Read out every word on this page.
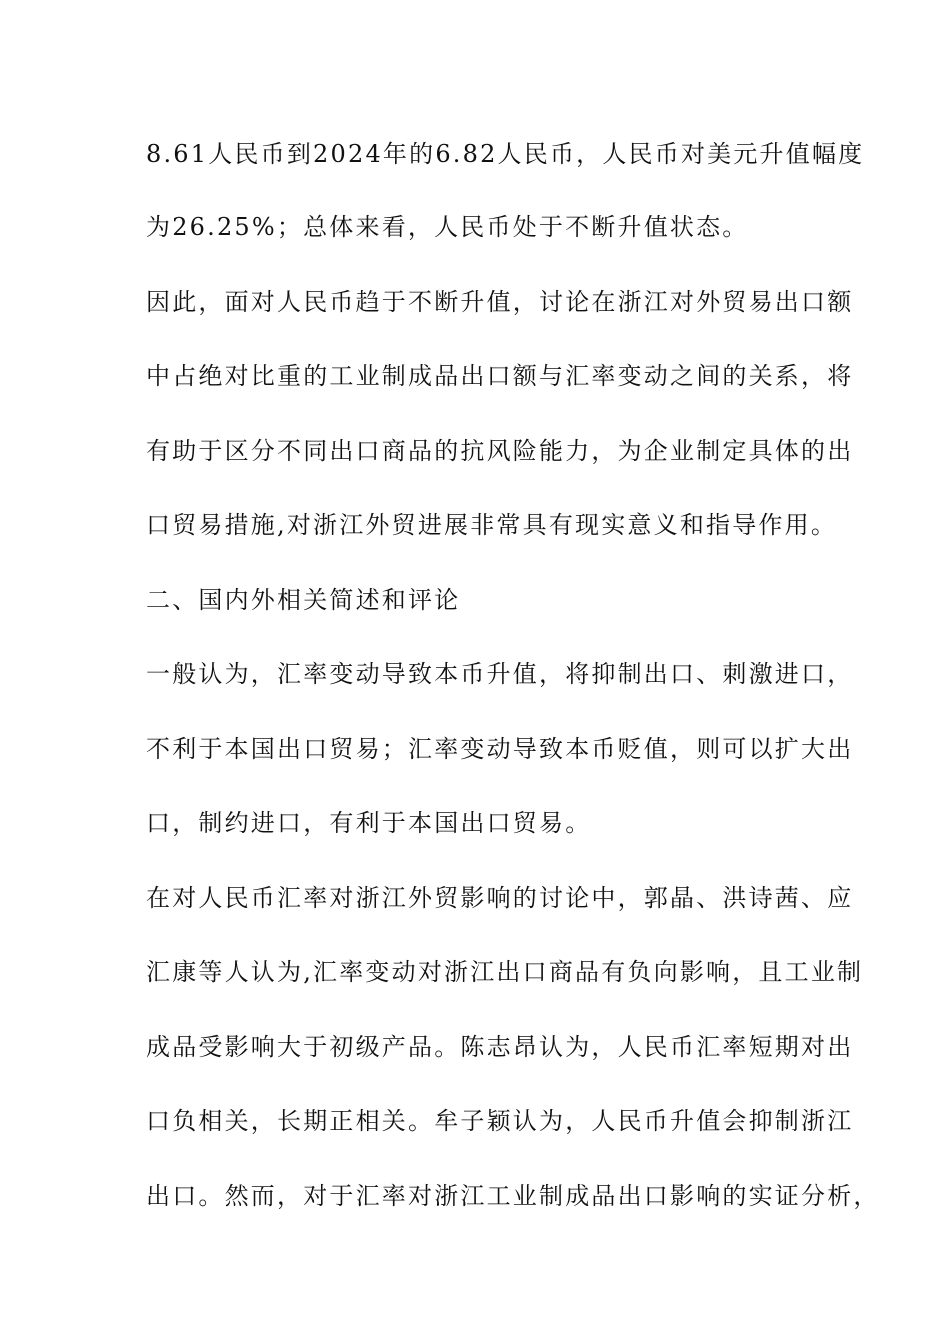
8.61人民币到2024年的6.82人民币，人民币对美元升值幅度
为26.25%；总体来看，人民币处于不断升值状态。
因此，面对人民币趋于不断升值，讨论在浙江对外贸易出口额
中占绝对比重的工业制成品出口额与汇率变动之间的关系，将
有助于区分不同出口商品的抗风险能力，为企业制定具体的出
口贸易措施,对浙江外贸进展非常具有现实意义和指导作用。
二、国内外相关简述和评论
一般认为，汇率变动导致本币升值，将抑制出口、刺激进口，
不利于本国出口贸易；汇率变动导致本币贬值，则可以扩大出
口，制约进口，有利于本国出口贸易。
在对人民币汇率对浙江外贸影响的讨论中，郭晶、洪诗茜、应
汇康等人认为,汇率变动对浙江出口商品有负向影响，且工业制
成品受影响大于初级产品。陈志昂认为，人民币汇率短期对出
口负相关，长期正相关。牟子颖认为，人民币升值会抑制浙江
出口。然而，对于汇率对浙江工业制成品出口影响的实证分析，
